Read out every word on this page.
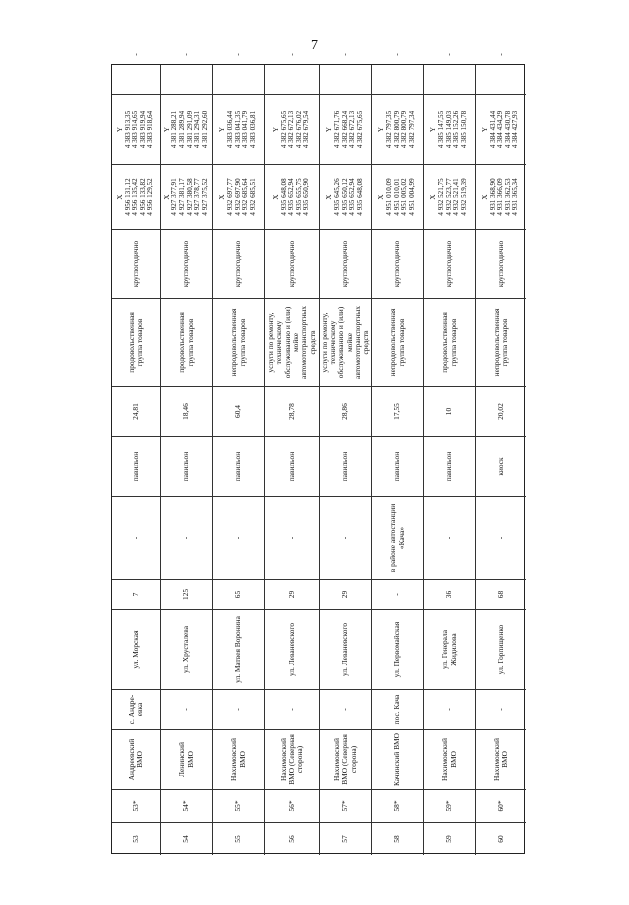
7
53
53*
Андреевский ВМО
с. Андре-евка
ул. Морская
7
-
павильон
24,81
продовольственная группа товаров
круглогодично
X 4 956 131,12 4 956 135,42 4 956 133,82 4 956 129,52
Y 4 383 913,35 4 383 914,65 4 383 919,94 4 383 918,64
-
54
54*
Ленинский ВМО
-
ул. Хрусталева
125
-
павильон
18,46
продовольственная группа товаров
круглогодично
X 4 927 377,91 4 927 381,17 4 927 380,58 4 927 378,77 4 927 375,52
Y 4 381 288,21 4 381 289,94 4 381 291,09 4 381 294,31 4 381 292,60
-
55
55*
Нахимовский ВМО
-
ул. Матвея Воронина
65
-
павильон
60,4
непродовольственная группа товаров
круглогодично
X 4 932 697,77 4 932 697,90 4 932 685,64 4 932 685,51
Y 4 383 036,44 4 383 041,35 4 383 041,79 4 383 036,81
-
56
56*
Нахимовский ВМО (Северная сторона)
-
ул. Леваневского
29
-
павильон
28,78
услуги по ремонту, техническому обслуживанию и (или) мойке автомототранспортных средств
круглогодично
X 4 935 648,08 4 935 652,94 4 935 655,75 4 935 650,90
Y 4 382 675,65 4 382 672,13 4 382 676,02 4 382 679,54
-
57
57*
Нахимовский ВМО (Северная сторона)
-
ул. Леваневского
29
-
павильон
28,86
услуги по ремонту, техническому обслуживанию и (или) мойке автомототранспортных средств
круглогодично
X 4 935 645,26 4 935 650,12 4 935 652,94 4 935 648,08
Y 4 382 671,76 4 382 668,24 4 382 672,13 4 382 675,65
-
58
58*
Качинский ВМО
пос. Кача
ул. Первомайская
-
в районе автостанции «Кача»
павильон
17,55
непродовольственная группа товаров
круглогодично
X 4 951 010,09 4 951 010,01 4 951 005,02 4 951 004,99
Y 4 382 797,35 4 382 800,79 4 382 800,79 4 382 797,34
-
59
59*
Нахимовский ВМО
-
ул. Генерала Жидилова
36
-
павильон
10
продовольственная группа товаров
круглогодично
X 4 932 521,75 4 932 523,77 4 932 521,41 4 932 519,39
Y 4 385 147,55 4 385 149,03 4 385 152,26 4 385 150,78
-
60
60*
Нахимовский ВМО
-
ул. Горпищенко
68
-
киоск
20,02
непродовольственная группа товаров
круглогодично
X 4 931 368,90 4 931 366,09 4 931 362,53 4 931 365,34
Y 4 384 431,44 4 384 434,29 4 384 430,78 4 384 427,93
-
